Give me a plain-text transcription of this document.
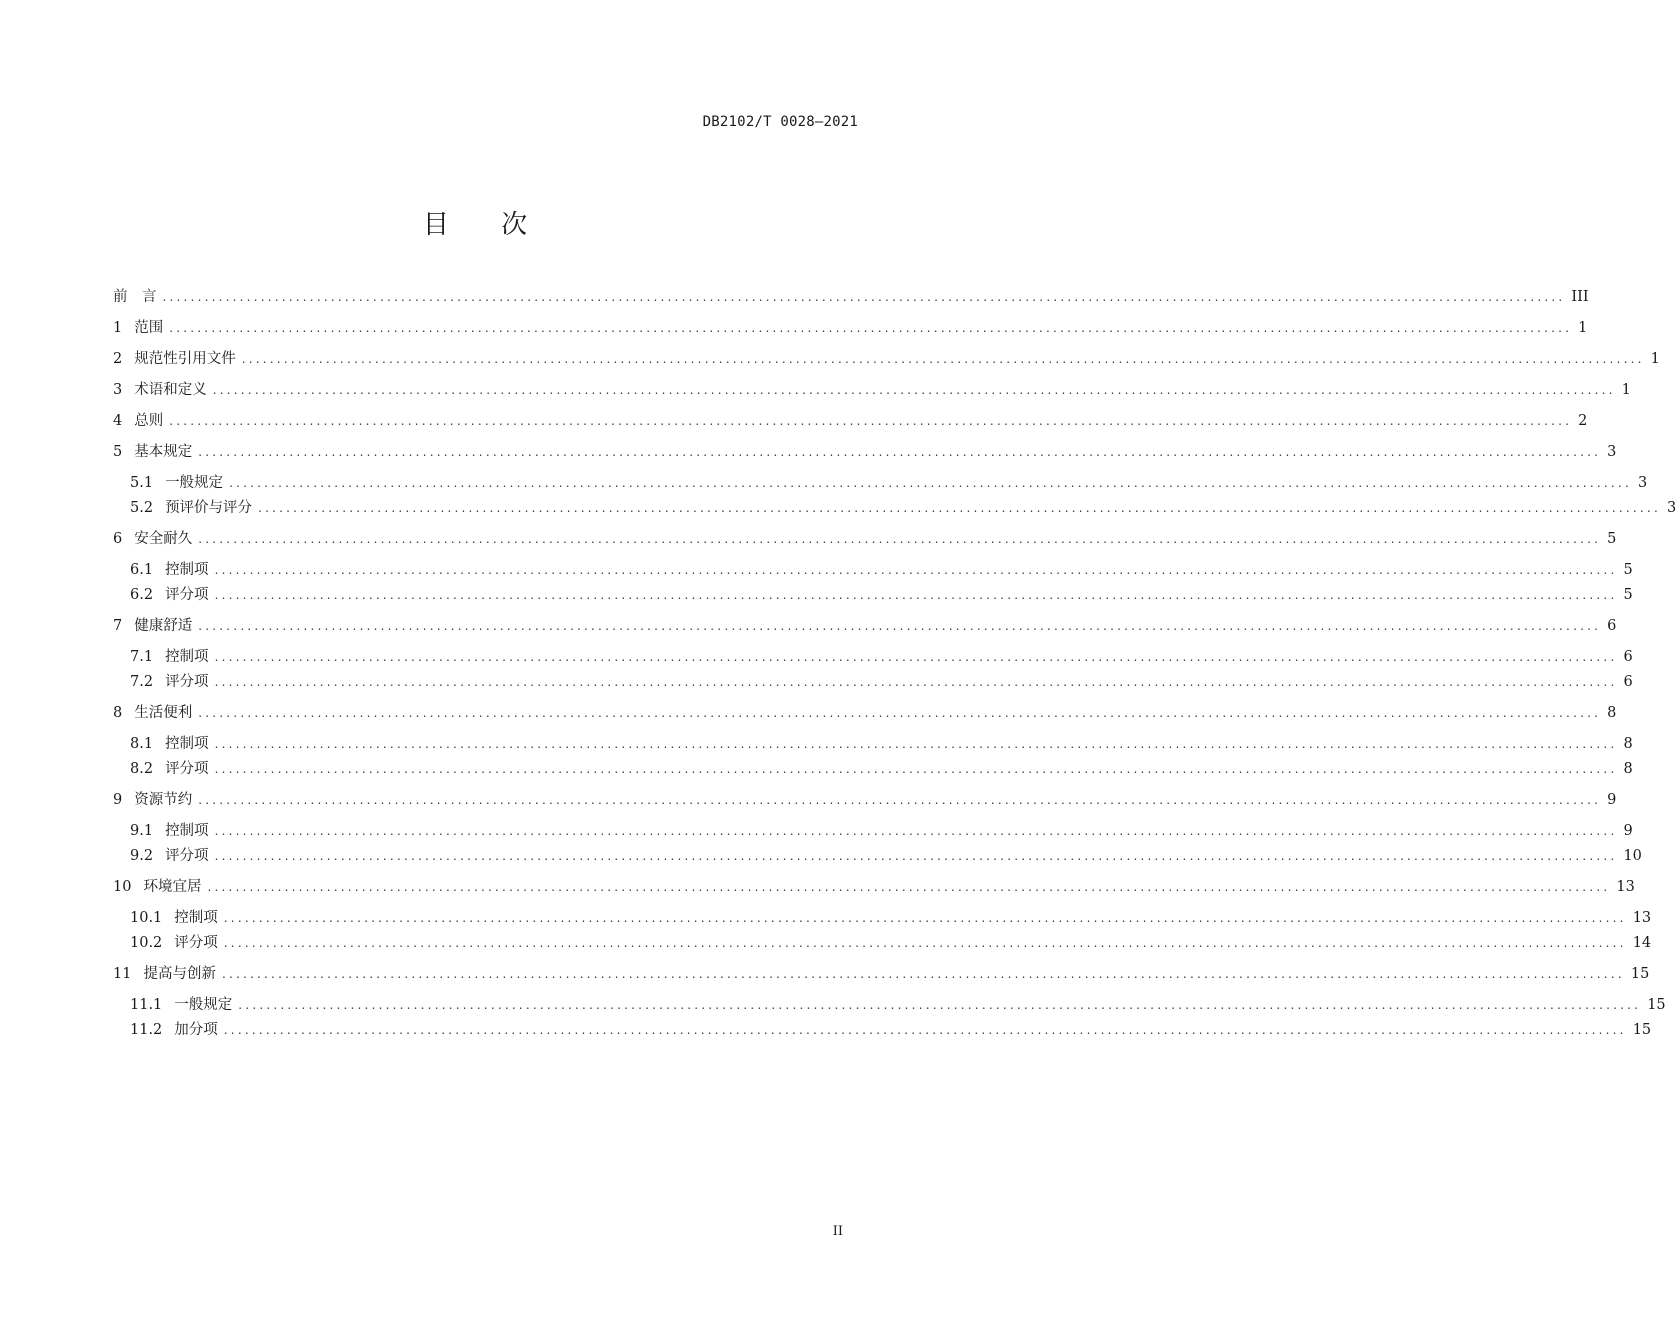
DB2102/T 0028—2021
目 次
前　言 ........................................................................................................................................................................................................ III
1 范围 ........................................................................................................................................................................................................ 1
2 规范性引用文件 ........................................................................................................................................................................................................ 1
3 术语和定义 ........................................................................................................................................................................................................ 1
4 总则 ........................................................................................................................................................................................................ 2
5 基本规定 ........................................................................................................................................................................................................ 3
5.1 一般规定 ........................................................................................................................................................................................................ 3
5.2 预评价与评分 ........................................................................................................................................................................................................ 3
6 安全耐久 ........................................................................................................................................................................................................ 5
6.1 控制项 ........................................................................................................................................................................................................ 5
6.2 评分项 ........................................................................................................................................................................................................ 5
7 健康舒适 ........................................................................................................................................................................................................ 6
7.1 控制项 ........................................................................................................................................................................................................ 6
7.2 评分项 ........................................................................................................................................................................................................ 6
8 生活便利 ........................................................................................................................................................................................................ 8
8.1 控制项 ........................................................................................................................................................................................................ 8
8.2 评分项 ........................................................................................................................................................................................................ 8
9 资源节约 ........................................................................................................................................................................................................ 9
9.1 控制项 ........................................................................................................................................................................................................ 9
9.2 评分项 ........................................................................................................................................................................................................ 10
10 环境宜居 ........................................................................................................................................................................................................ 13
10.1 控制项 ........................................................................................................................................................................................................ 13
10.2 评分项 ........................................................................................................................................................................................................ 14
11 提高与创新 ........................................................................................................................................................................................................ 15
11.1 一般规定 ........................................................................................................................................................................................................ 15
11.2 加分项 ........................................................................................................................................................................................................ 15
II
